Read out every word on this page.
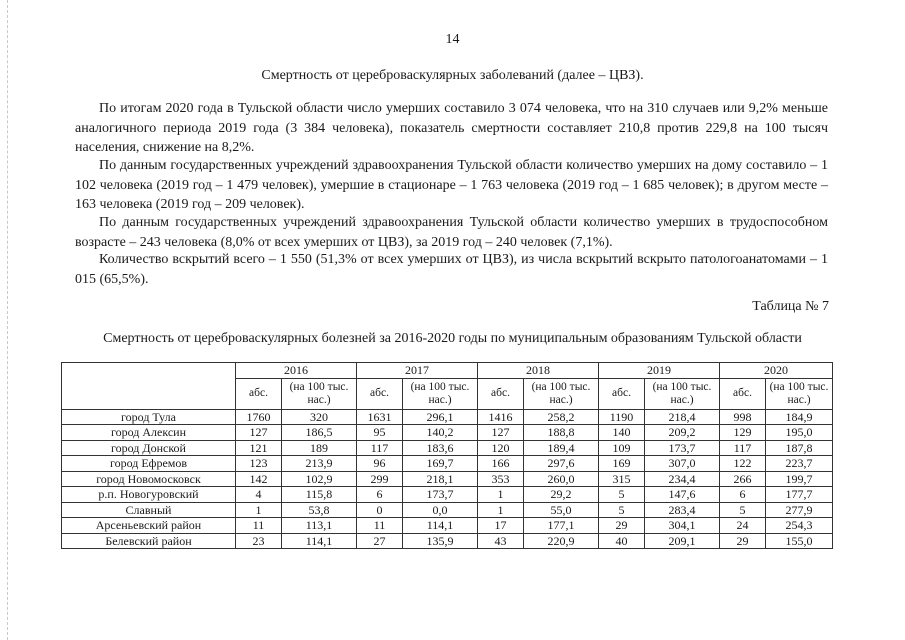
14
Смертность от цереброваскулярных заболеваний (далее – ЦВЗ).

По итогам 2020 года в Тульской области число умерших составило 3 074 человека, что на 310 случаев или 9,2% меньше аналогичного периода 2019 года (3 384 человека), показатель смертности составляет 210,8 против 229,8 на 100 тысяч населения, снижение на 8,2%.

По данным государственных учреждений здравоохранения Тульской области количество умерших на дому составило – 1 102 человека (2019 год – 1 479 человек), умершие в стационаре – 1 763 человека (2019 год – 1 685 человек); в другом месте – 163 человека (2019 год – 209 человек).

По данным государственных учреждений здравоохранения Тульской области количество умерших в трудоспособном возрасте – 243 человека (8,0% от всех умерших от ЦВЗ), за 2019 год – 240 человек (7,1%).

Количество вскрытий всего – 1 550 (51,3% от всех умерших от ЦВЗ), из числа вскрытий вскрыто патологоанатомами – 1 015 (65,5%).

Таблица № 7
Смертность от цереброваскулярных болезней за 2016-2020 годы по муниципальным образованиям Тульской области
	2016		2017		2018		2019		2020	
	абс.	(на 100 тыс. нас.)	абс.	(на 100 тыс. нас.)	абс.	(на 100 тыс. нас.)	абс.	(на 100 тыс. нас.)	абс.	(на 100 тыс. нас.)
город Тула	1760	320	1631	296,1	1416	258,2	1190	218,4	998	184,9
город Алексин	127	186,5	95	140,2	127	188,8	140	209,2	129	195,0
город Донской	121	189	117	183,6	120	189,4	109	173,7	117	187,8
город Ефремов	123	213,9	96	169,7	166	297,6	169	307,0	122	223,7
город Новомосковск	142	102,9	299	218,1	353	260,0	315	234,4	266	199,7
р.п. Новогуровский	4	115,8	6	173,7	1	29,2	5	147,6	6	177,7
Славный	1	53,8	0	0,0	1	55,0	5	283,4	5	277,9
Арсеньевский район	11	113,1	11	114,1	17	177,1	29	304,1	24	254,3
Белевский район	23	114,1	27	135,9	43	220,9	40	209,1	29	155,0
